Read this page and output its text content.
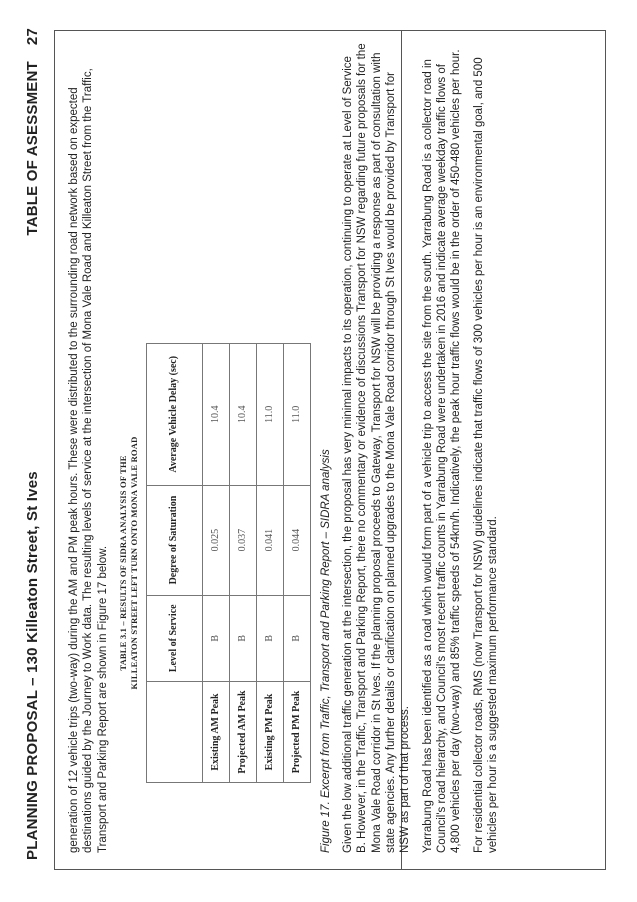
PLANNING PROPOSAL – 130 Killeaton Street, St Ives
TABLE OF ASESSMENT27

generation of 12 vehicle trips (two-way) during the AM and PM peak hours. These were distributed to the surrounding road network based on expected destinations guided by the Journey to Work data. The resulting levels of service at the intersection of Mona Vale Road and Killeaton Street from the Traffic, Transport and Parking Report are shown in Figure 17 below. TABLE 3.1 – RESULTS OF SIDRA ANALYSIS OF THE KILLEATON STREET LEFT TURN ONTO MONA VALE ROAD
		Level of Service	Degree of Saturation	Average Vehicle Delay (sec)
Existing AM Peak	B	0.025	10.4
Projected AM Peak	B	0.037	10.4
Existing PM Peak	B	0.041	11.0
Projected PM Peak	B	0.044	11.0

Figure 17. Excerpt from Traffic, Transport and Parking Report – SIDRA analysis Given the low additional traffic generation at the intersection, the proposal has very minimal impacts to its operation, continuing to operate at Level of Service B. However, in the Traffic, Transport and Parking Report, there no commentary or evidence of discussions Transport for NSW regarding future proposals for the Mona Vale Road corridor in St Ives. If the planning proposal proceeds to Gateway, Transport for NSW will be providing a response as part of consultation with state agencies. Any further details or clarification on planned upgrades to the Mona Vale Road corridor through St Ives would be provided by Transport for NSW as part of that process. Yarrabung Road has been identified as a road which would form part of a vehicle trip to access the site from the south. Yarrabung Road is a collector road in Council's road hierarchy, and Council's most recent traffic counts in Yarrabung Road were undertaken in 2016 and indicate average weekday traffic flows of 4,800 vehicles per day (two-way) and 85% traffic speeds of 54km/h. Indicatively, the peak hour traffic flows would be in the order of 450-480 vehicles per hour. For residential collector roads, RMS (now Transport for NSW) guidelines indicate that traffic flows of 300 vehicles per hour is an environmental goal, and 500 vehicles per hour is a suggested maximum performance standard.
